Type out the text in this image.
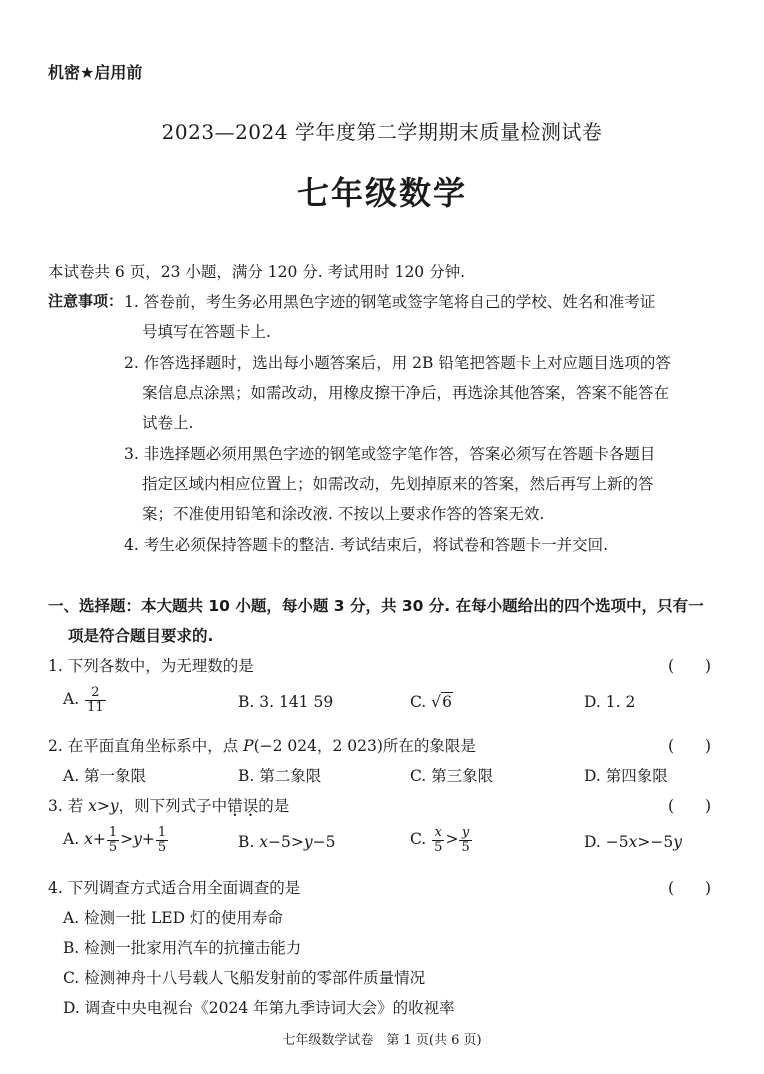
机密★启用前
2023—2024 学年度第二学期期末质量检测试卷
七年级数学
本试卷共 6 页，23 小题，满分 120 分. 考试用时 120 分钟.
注意事项： 1. 答卷前，考生务必用黑色字迹的钢笔或签字笔将自己的学校、姓名和准考证
号填写在答题卡上.
2. 作答选择题时，选出每小题答案后，用 2B 铅笔把答题卡上对应题目选项的答
案信息点涂黑；如需改动，用橡皮擦干净后，再选涂其他答案，答案不能答在
试卷上.
3. 非选择题必须用黑色字迹的钢笔或签字笔作答，答案必须写在答题卡各题目
指定区域内相应位置上；如需改动，先划掉原来的答案，然后再写上新的答
案；不准使用铅笔和涂改液. 不按以上要求作答的答案无效.
4. 考生必须保持答题卡的整洁. 考试结束后，将试卷和答题卡一并交回.
一、选择题：本大题共 10 小题，每小题 3 分，共 30 分. 在每小题给出的四个选项中，只有一
项是符合题目要求的.
1. 下列各数中，为无理数的是	(　　)
A. $\frac{2}{11}$	B. 3. 141 59	C. √6	D. 1. 2
2. 在平面直角坐标系中，点 P(−2 024，2 023)所在的象限是	(　　)
A. 第一象限	B. 第二象限	C. 第三象限	D. 第四象限
3. 若 x>y，则下列式子中错误的是	(　　)
A. $x+ \frac{1}{5} >y+ \frac{1}{5}$	B. x−5>y−5	C. $\frac{x}{5} > \frac{y}{5}$	D. −5x>−5y
4. 下列调查方式适合用全面调查的是	(　　)
A. 检测一批 LED 灯的使用寿命
B. 检测一批家用汽车的抗撞击能力
C. 检测神舟十八号载人飞船发射前的零部件质量情况
D. 调查中央电视台《2024 年第九季诗词大会》的收视率
七年级数学试卷　第 1 页(共 6 页)
